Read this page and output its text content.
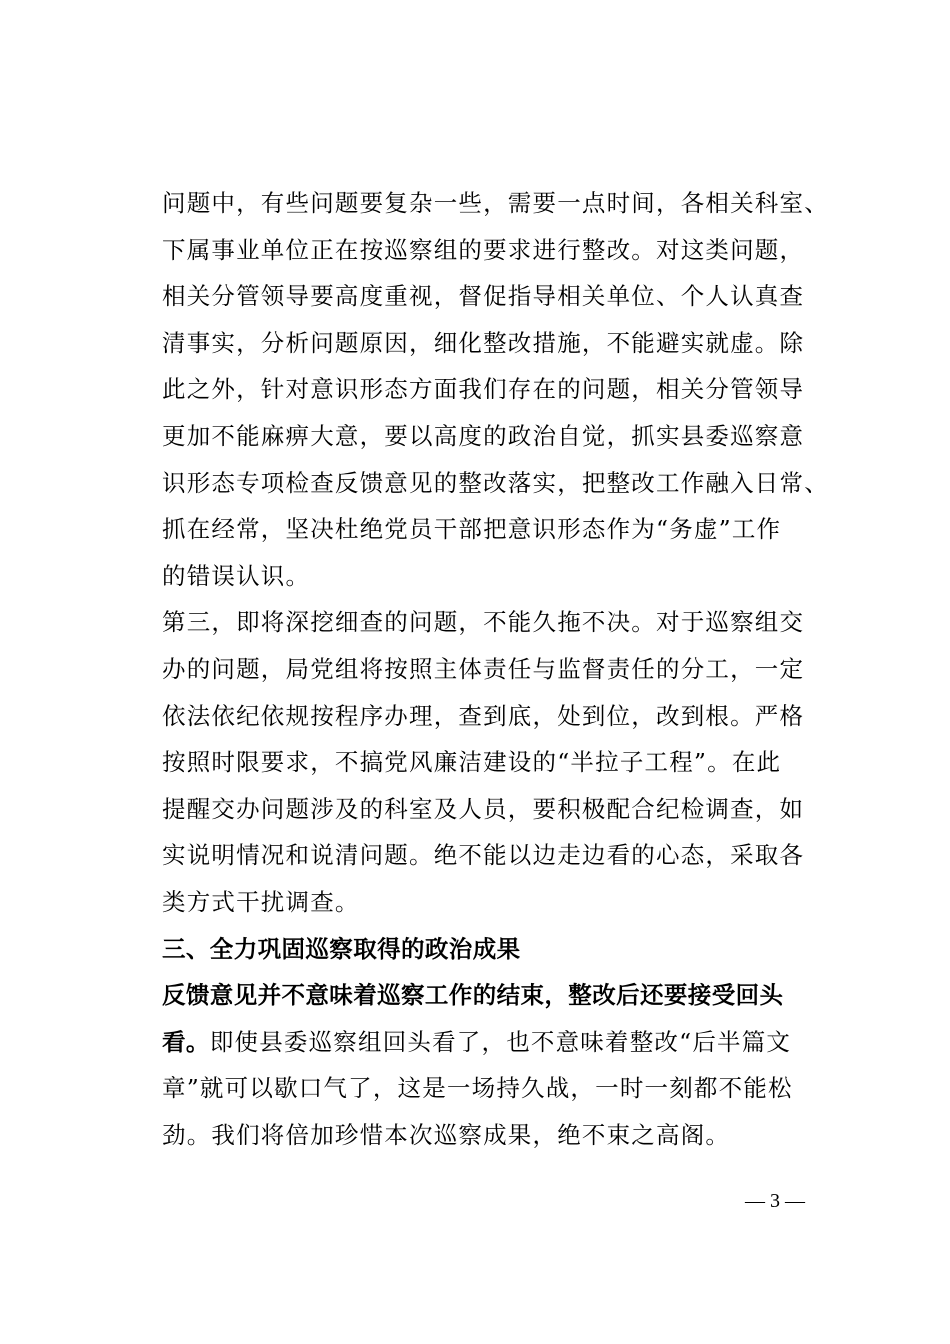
问题中，有些问题要复杂一些，需要一点时间，各相关科室、
下属事业单位正在按巡察组的要求进行整改。对这类问题，
相关分管领导要高度重视，督促指导相关单位、个人认真查
清事实，分析问题原因，细化整改措施，不能避实就虚。除
此之外，针对意识形态方面我们存在的问题，相关分管领导
更加不能麻痹大意，要以高度的政治自觉，抓实县委巡察意
识形态专项检查反馈意见的整改落实，把整改工作融入日常、
抓在经常，坚决杜绝党员干部把意识形态作为“务虚”工作
的错误认识。
第三，即将深挖细查的问题，不能久拖不决。对于巡察组交
办的问题，局党组将按照主体责任与监督责任的分工，一定
依法依纪依规按程序办理，查到底，处到位，改到根。严格
按照时限要求，不搞党风廉洁建设的“半拉子工程”。在此
提醒交办问题涉及的科室及人员，要积极配合纪检调查，如
实说明情况和说清问题。绝不能以边走边看的心态，采取各
类方式干扰调查。
三、全力巩固巡察取得的政治成果
反馈意见并不意味着巡察工作的结束，整改后还要接受回头
看。即使县委巡察组回头看了，也不意味着整改“后半篇文
章”就可以歇口气了，这是一场持久战，一时一刻都不能松
劲。我们将倍加珍惜本次巡察成果，绝不束之高阁。
— 3 —
